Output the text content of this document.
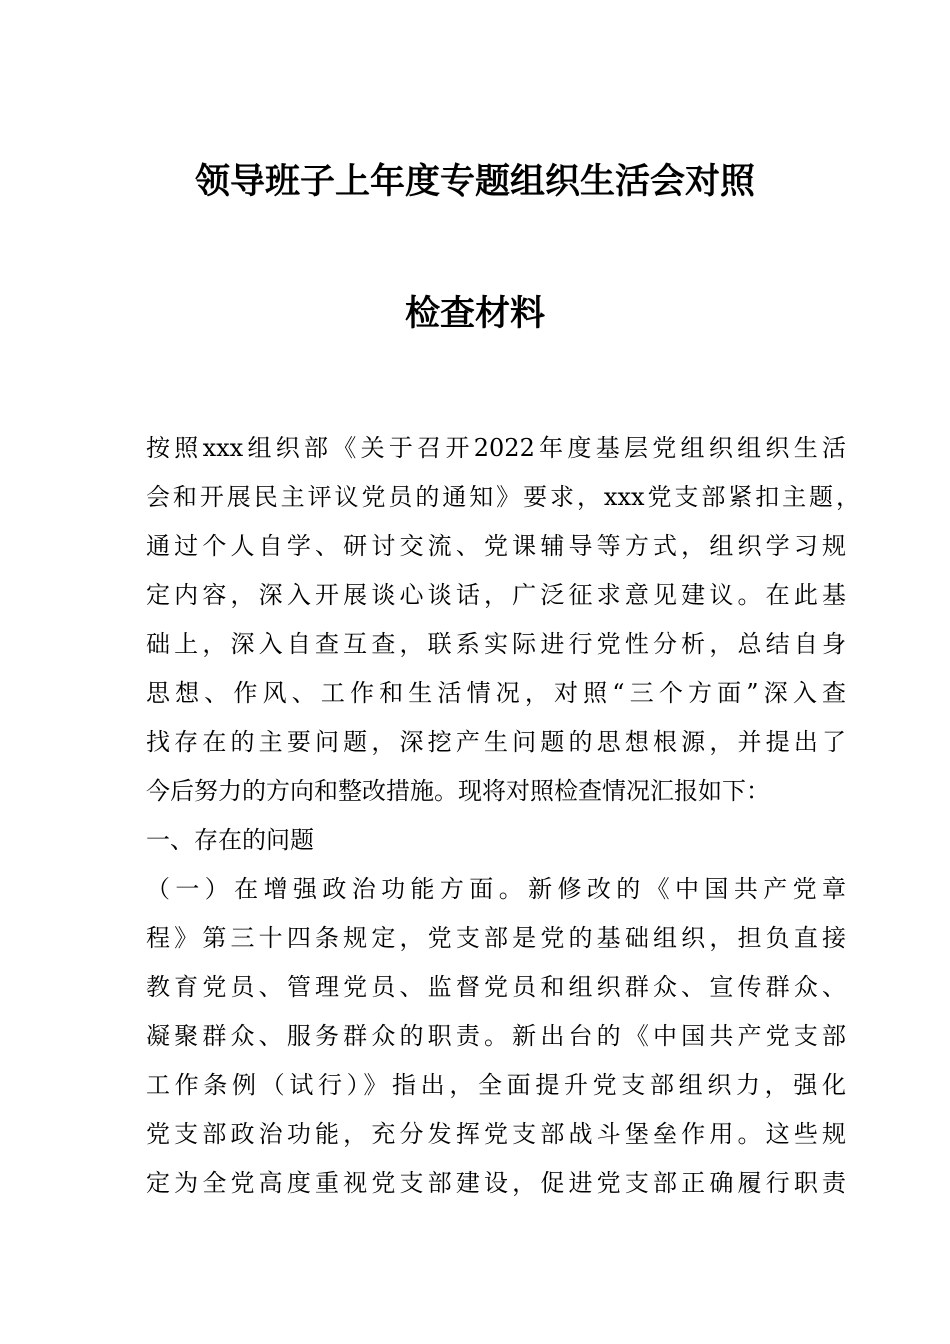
领导班子上年度专题组织生活会对照
检查材料
按照xxx组织部《关于召开2022年度基层党组织组织生活
会和开展民主评议党员的通知》要求，xxx党支部紧扣主题，
通过个人自学、研讨交流、党课辅导等方式，组织学习规
定内容，深入开展谈心谈话，广泛征求意见建议。在此基
础上，深入自查互查，联系实际进行党性分析，总结自身
思想、作风、工作和生活情况，对照“三个方面”深入查
找存在的主要问题，深挖产生问题的思想根源，并提出了
今后努力的方向和整改措施。现将对照检查情况汇报如下：
一、存在的问题
（一）在增强政治功能方面。新修改的《中国共产党章
程》第三十四条规定，党支部是党的基础组织，担负直接
教育党员、管理党员、监督党员和组织群众、宣传群众、
凝聚群众、服务群众的职责。新出台的《中国共产党支部
工作条例（试行）》指出，全面提升党支部组织力，强化
党支部政治功能，充分发挥党支部战斗堡垒作用。这些规
定为全党高度重视党支部建设，促进党支部正确履行职责
